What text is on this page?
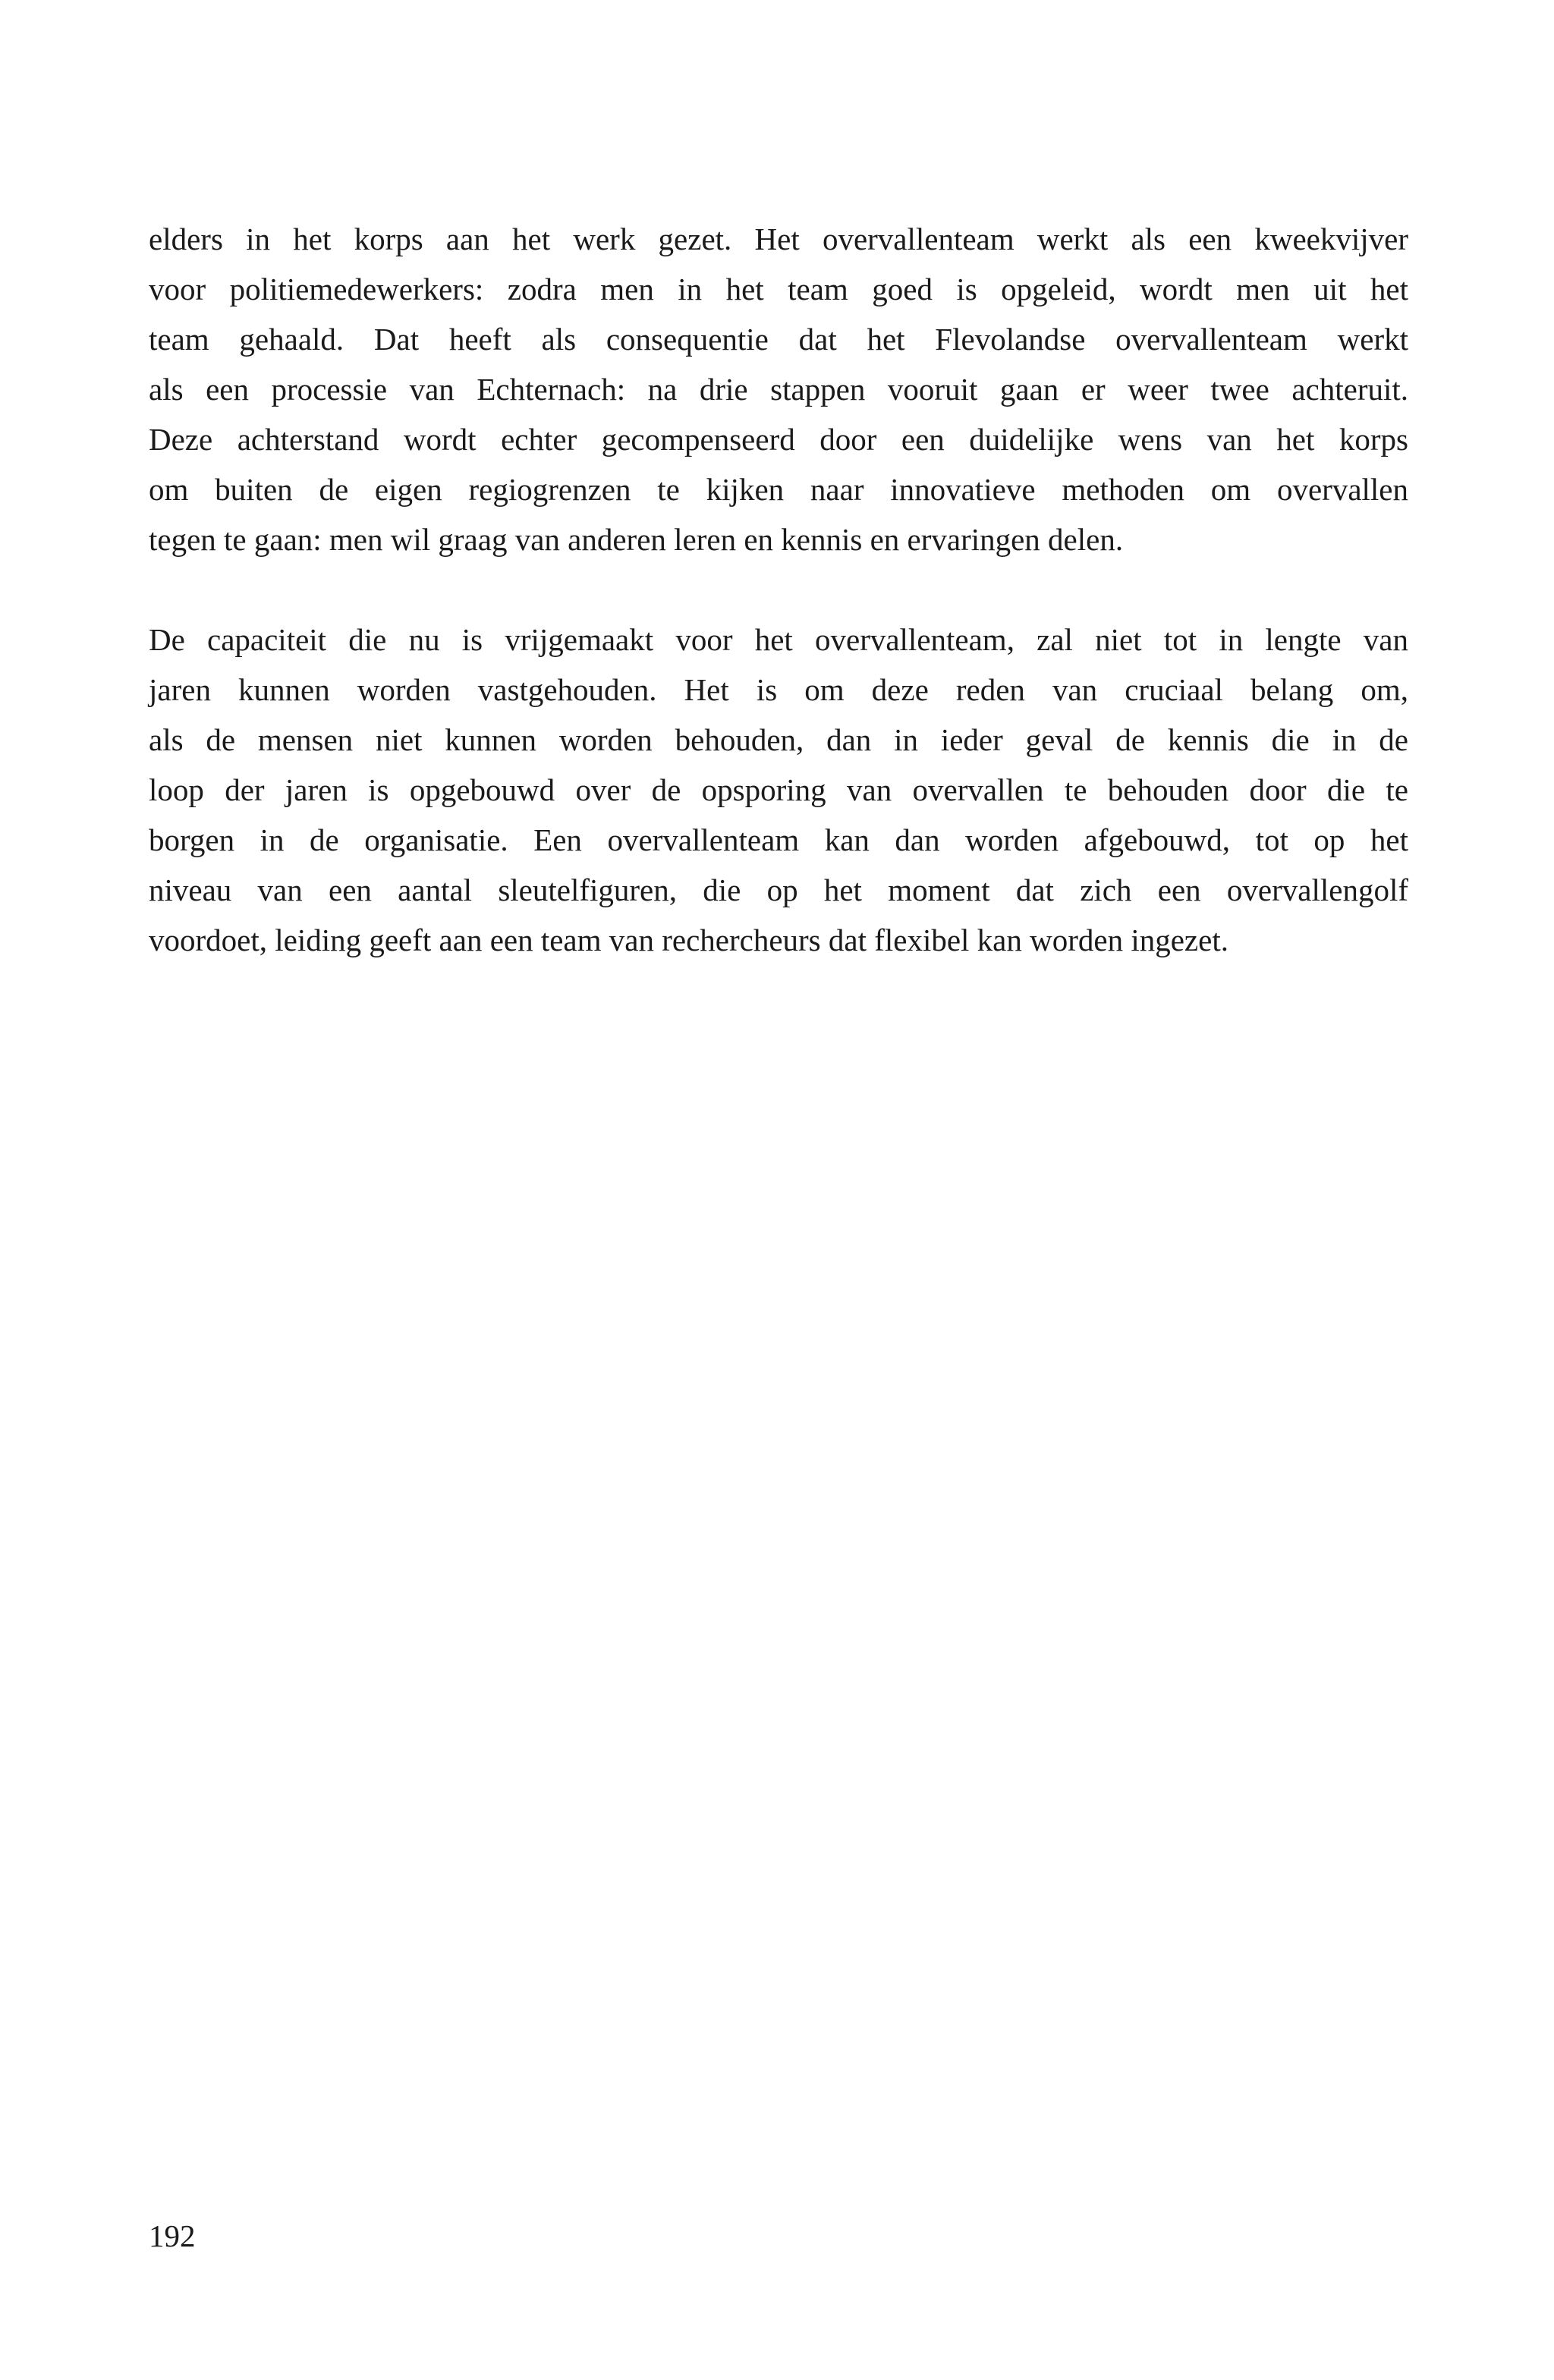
elders in het korps aan het werk gezet. Het overvallenteam werkt als een kweekvijver
voor politiemedewerkers: zodra men in het team goed is opgeleid, wordt men uit het
team gehaald. Dat heeft als consequentie dat het Flevolandse overvallenteam werkt
als een processie van Echternach: na drie stappen vooruit gaan er weer twee achteruit.
Deze achterstand wordt echter gecompenseerd door een duidelijke wens van het korps
om buiten de eigen regiogrenzen te kijken naar innovatieve methoden om overvallen
tegen te gaan: men wil graag van anderen leren en kennis en ervaringen delen.
De capaciteit die nu is vrijgemaakt voor het overvallenteam, zal niet tot in lengte van
jaren kunnen worden vastgehouden. Het is om deze reden van cruciaal belang om,
als de mensen niet kunnen worden behouden, dan in ieder geval de kennis die in de
loop der jaren is opgebouwd over de opsporing van overvallen te behouden door die te
borgen in de organisatie. Een overvallenteam kan dan worden afgebouwd, tot op het
niveau van een aantal sleutelfiguren, die op het moment dat zich een overvallengolf
voordoet, leiding geeft aan een team van rechercheurs dat flexibel kan worden ingezet.
192
